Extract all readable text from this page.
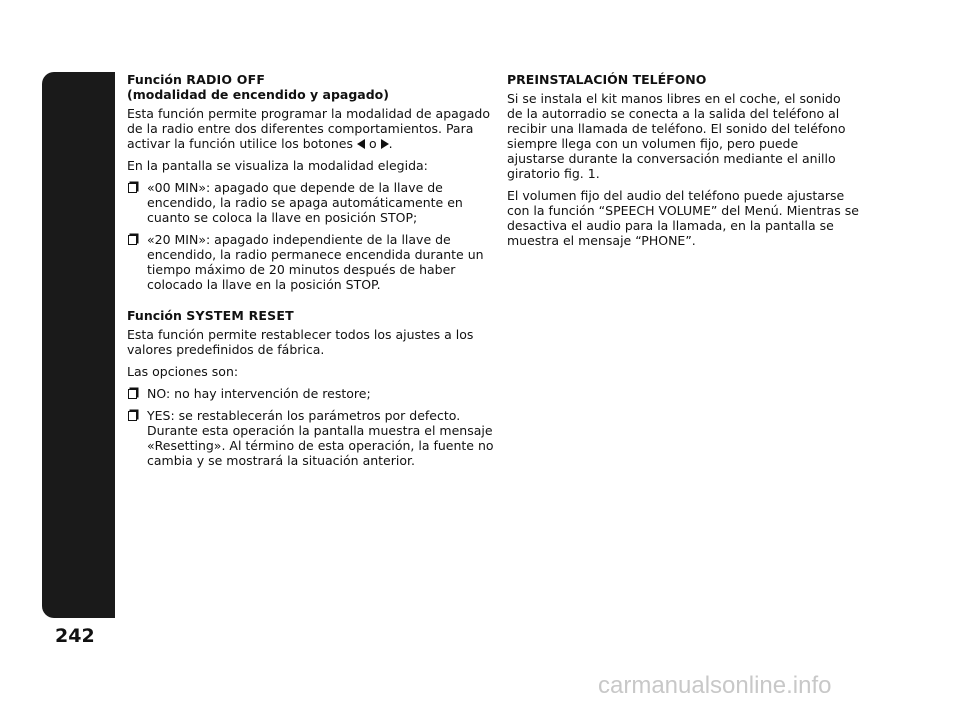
AUTORRADIO
242
Función RADIO OFF
(modalidad de encendido y apagado)

Esta función permite programar la modalidad de apagado de la radio entre dos diferentes comportamientos. Para activar la función utilice los botones o .

En la pantalla se visualiza la modalidad elegida:

«00 MIN»: apagado que depende de la llave de encendido, la radio se apaga automáticamente en cuanto se coloca la llave en posición STOP;
«20 MIN»: apagado independiente de la llave de encendido, la radio permanece encendida durante un tiempo máximo de 20 minutos después de haber colocado la llave en la posición STOP.
Función SYSTEM RESET

Esta función permite restablecer todos los ajustes a los valores predefinidos de fábrica.

Las opciones son:

NO: no hay intervención de restore;
YES: se restablecerán los parámetros por defecto. Durante esta operación la pantalla muestra el mensaje «Resetting». Al término de esta operación, la fuente no cambia y se mostrará la situación anterior.
PREINSTALACIÓN TELÉFONO

Si se instala el kit manos libres en el coche, el sonido de la autorradio se conecta a la salida del teléfono al recibir una llamada de teléfono. El sonido del teléfono siempre llega con un volumen fijo, pero puede ajustarse durante la conversación mediante el anillo giratorio fig. 1.

El volumen fijo del audio del teléfono puede ajustarse con la función “SPEECH VOLUME” del Menú. Mientras se desactiva el audio para la llamada, en la pantalla se muestra el mensaje “PHONE”.

carmanualsonline.info
